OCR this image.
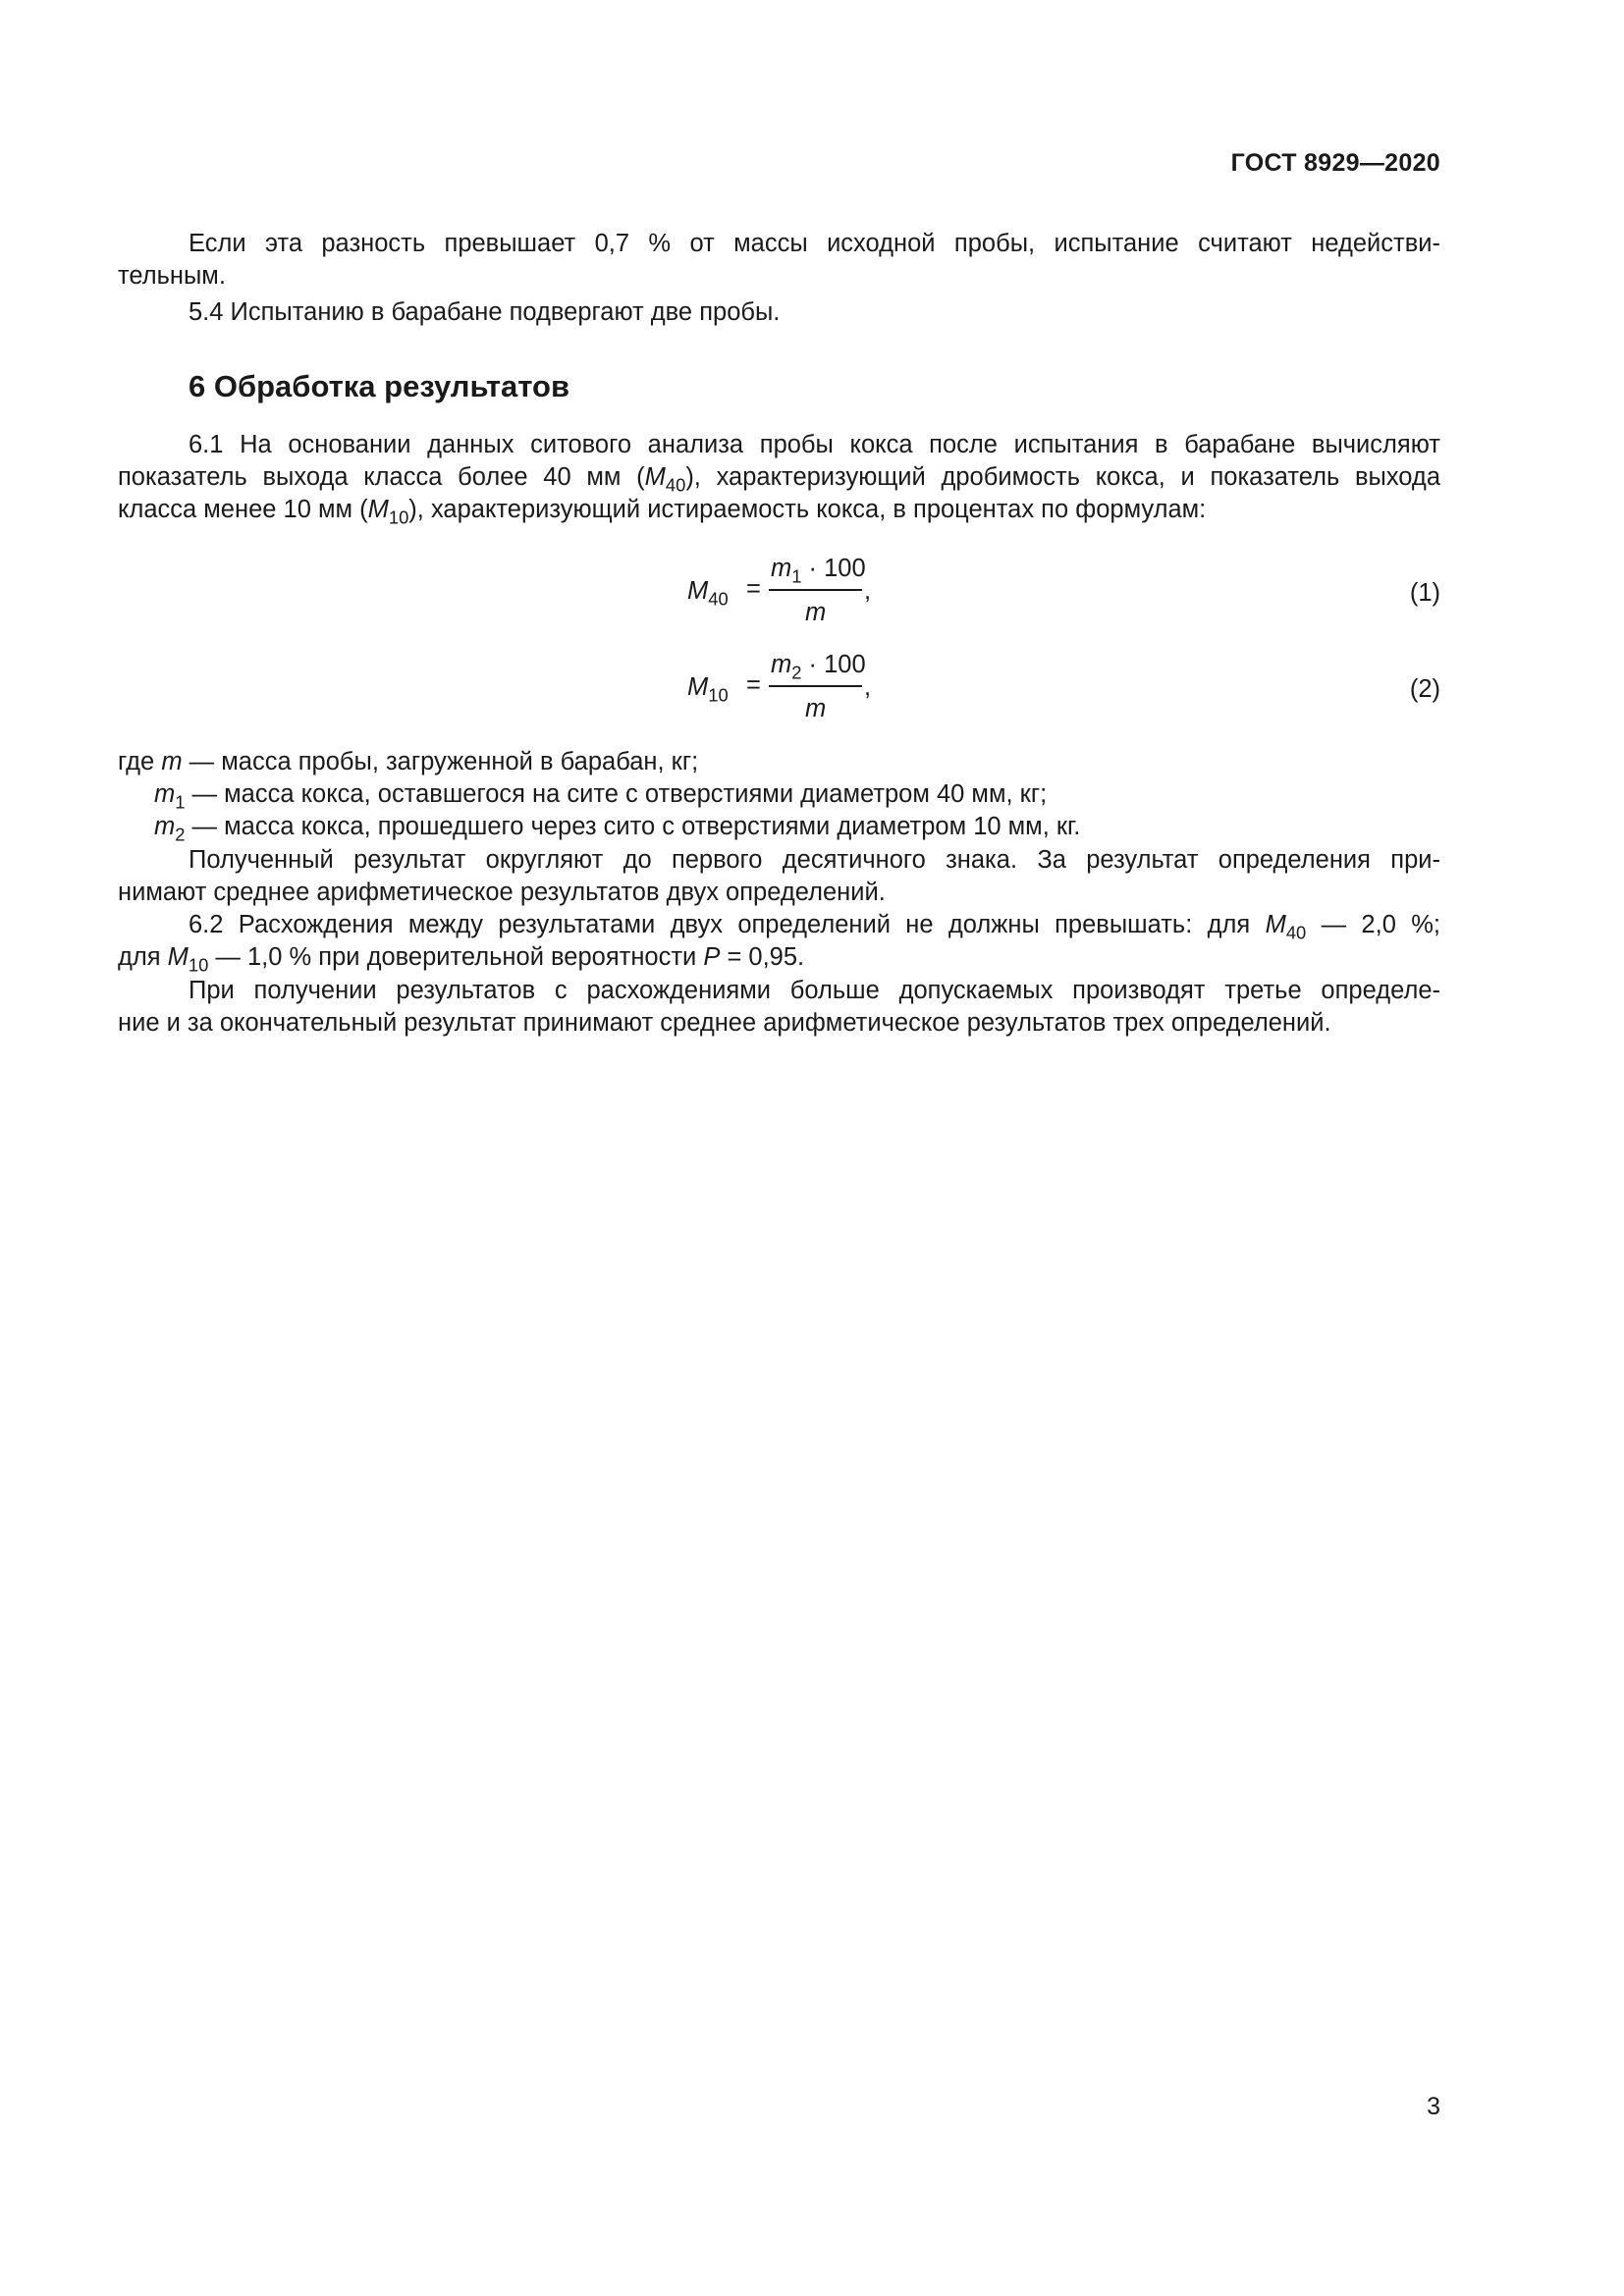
ГОСТ 8929—2020
Если эта разность превышает 0,7 % от массы исходной пробы, испытание считают недействи-
тельным.
5.4 Испытанию в барабане подвергают две пробы.
6 Обработка результатов
6.1 На основании данных ситового анализа пробы кокса после испытания в барабане вычисляют
показатель выхода класса более 40 мм $(M_{40})$, характеризующий дробимость кокса, и показатель выхода
класса менее 10 мм $(M_{10})$, характеризующий истираемость кокса, в процентах по формулам:
$M_{40}$ =
$m_1 \cdot 100$
m
,	(1)
$M_{10}$ =
$m_2 \cdot 100$
m
,	(2)
где m — масса пробы, загруженной в барабан, кг;
$m_1$ — масса кокса, оставшегося на сите с отверстиями диаметром 40 мм, кг;
$m_2$ — масса кокса, прошедшего через сито с отверстиями диаметром 10 мм, кг.
Полученный результат округляют до первого десятичного знака. За результат определения при-
нимают среднее арифметическое результатов двух определений.
6.2 Расхождения между результатами двух определений не должны превышать: для $M_{40}$ — 2,0 %;
для $M_{10}$ — 1,0 % при доверительной вероятности P = 0,95.
При получении результатов с расхождениями больше допускаемых производят третье определе-
ние и за окончательный результат принимают среднее арифметическое результатов трех определений.
3
